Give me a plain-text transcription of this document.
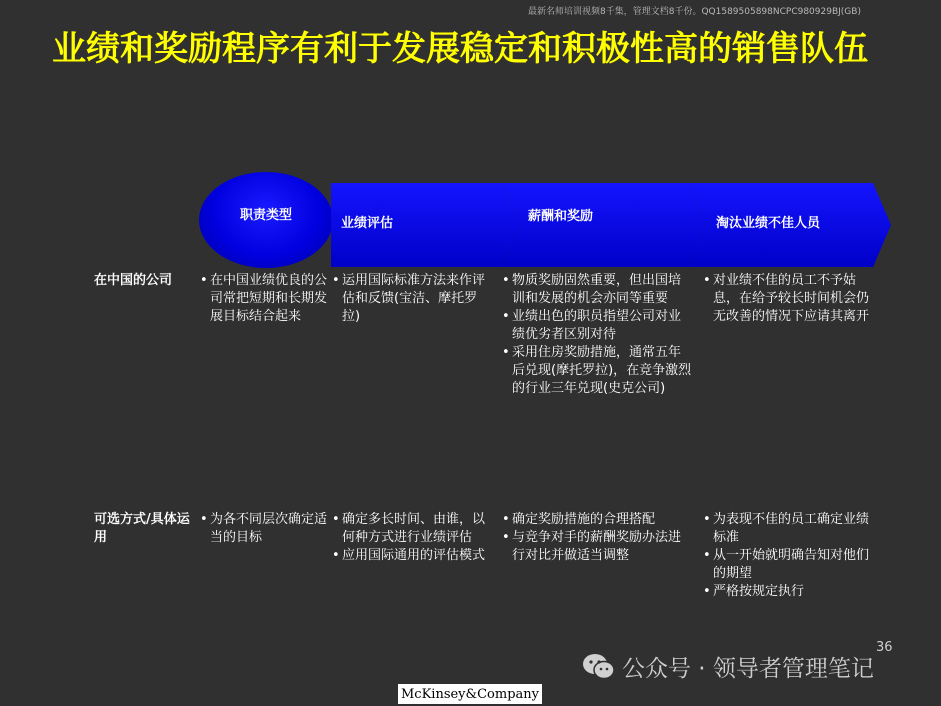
最新名师培训视频8千集，管理文档8千份。QQ1589505898NCPC980929BJ(GB)
业绩和奖励程序有利于发展稳定和积极性高的销售队伍
职责类型
业绩评估	薪酬和奖励	淘汰业绩不佳人员
在中国的公司
•	在中国业绩优良的公司常把短期和长期发展目标结合起来
• 运用国际标准方法来作评估和反馈(宝洁、摩托罗拉)
• 物质奖励固然重要，但出国培训和发展的机会亦同等重要
• 业绩出色的职员指望公司对业绩优劣者区别对待
• 采用住房奖励措施，通常五年后兑现(摩托罗拉)，在竞争激烈的行业三年兑现(史克公司)
• 对业绩不佳的员工不予姑息，在给予较长时间机会仍无改善的情况下应请其离开
可选方式/具体运用
• 为各不同层次确定适当的目标
• 确定多长时间、由谁，以何种方式进行业绩评估
• 应用国际通用的评估模式
• 确定奖励措施的合理搭配
• 与竞争对手的薪酬奖励办法进行对比并做适当调整
• 为表现不佳的员工确定业绩标准
• 从一开始就明确告知对他们的期望
• 严格按规定执行
36
公众号 · 领导者管理笔记
McKinsey&Company
